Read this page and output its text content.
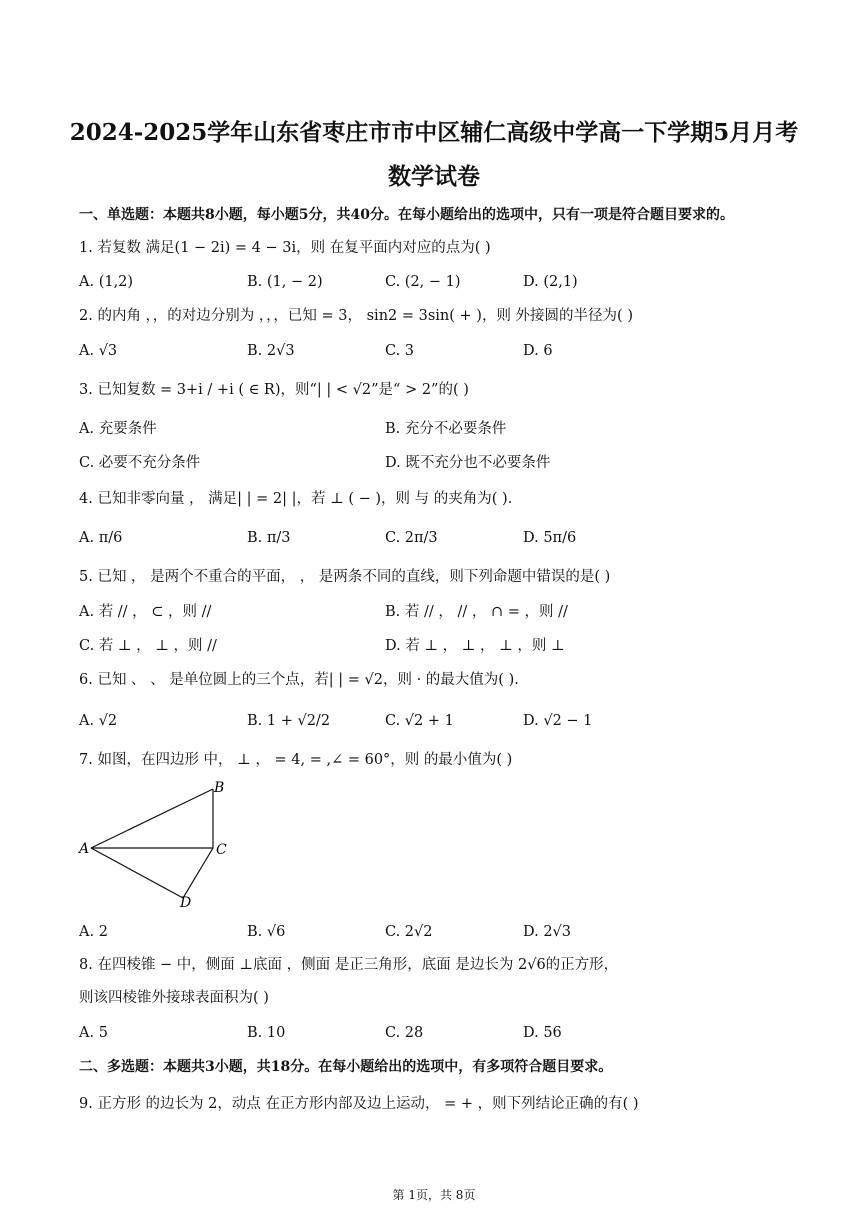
2024-2025学年山东省枣庄市市中区辅仁高级中学高一下学期5月月考
数学试卷
一、单选题：本题共8小题，每小题5分，共40分。在每小题给出的选项中，只有一项是符合题目要求的。
1. 若复数 满足(1 − 2i) = 4 − 3i，则 在复平面内对应的点为( )
A. (1,2)	B. (1, − 2)	C. (2, − 1)	D. (2,1)
2. 的内角 ，，的对边分别为 ，，，已知 = 3， sin2 = 3sin( + )，则 外接圆的半径为( )
A. √3	B. 2√3	C. 3	D. 6
3. 已知复数 = 3+i / +i ( ∈ R)，则“| | < √2”是“ > 2”的( )
A. 充要条件	B. 充分不必要条件
C. 必要不充分条件	D. 既不充分也不必要条件
4. 已知非零向量 ， 满足| | = 2| |，若 ⊥ ( − )，则 与 的夹角为( ).
A. π/6	B. π/3	C. 2π/3	D. 5π/6
5. 已知 ， 是两个不重合的平面， ， 是两条不同的直线，则下列命题中错误的是( )
A. 若 // ， ⊂ ，则 //	B. 若 // ， // ， ∩ = ，则 //
C. 若 ⊥ ， ⊥ ，则 //	D. 若 ⊥ ， ⊥ ， ⊥ ，则 ⊥
6. 已知 、 、 是单位圆上的三个点，若| | = √2，则 · 的最大值为( ).
A. √2	B. 1 + √2/2	C. √2 + 1	D. √2 − 1
7. 如图，在四边形 中， ⊥ ， = 4, = ,∠ = 60°，则 的最小值为( )
A
B
C
D
A. 2	B. √6	C. 2√2	D. 2√3
8. 在四棱锥 − 中，侧面 ⊥底面 ，侧面 是正三角形，底面 是边长为 2√6的正方形，
则该四棱锥外接球表面积为( )
A. 5	B. 10	C. 28	D. 56
二、多选题：本题共3小题，共18分。在每小题给出的选项中，有多项符合题目要求。
9. 正方形 的边长为 2，动点 在正方形内部及边上运动， = + ，则下列结论正确的有( )
第 1页，共 8页
